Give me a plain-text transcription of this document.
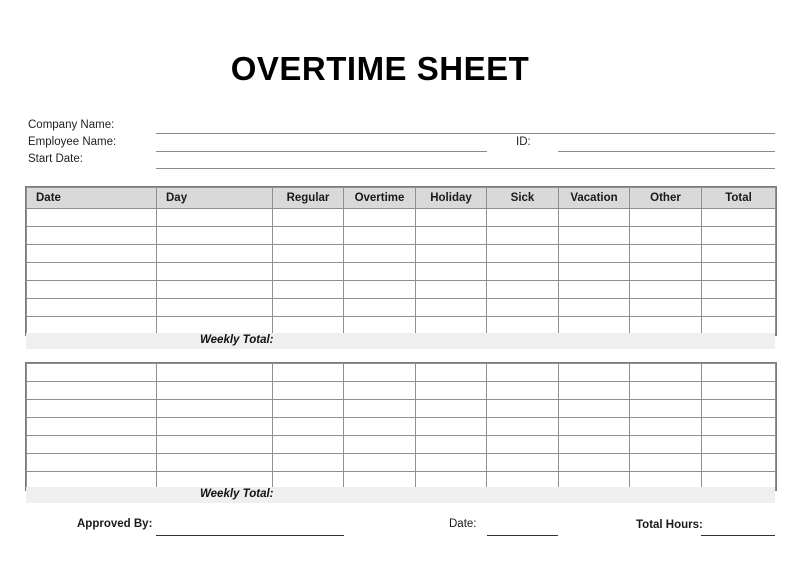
OVERTIME SHEET
Company Name:
Employee Name:	ID:
Start Date:
Date	Day	Regular	Overtime	Holiday	Sick	Vacation	Other	Total

Weekly Total:

Weekly Total:
Approved By:	Date:	Total Hours:
